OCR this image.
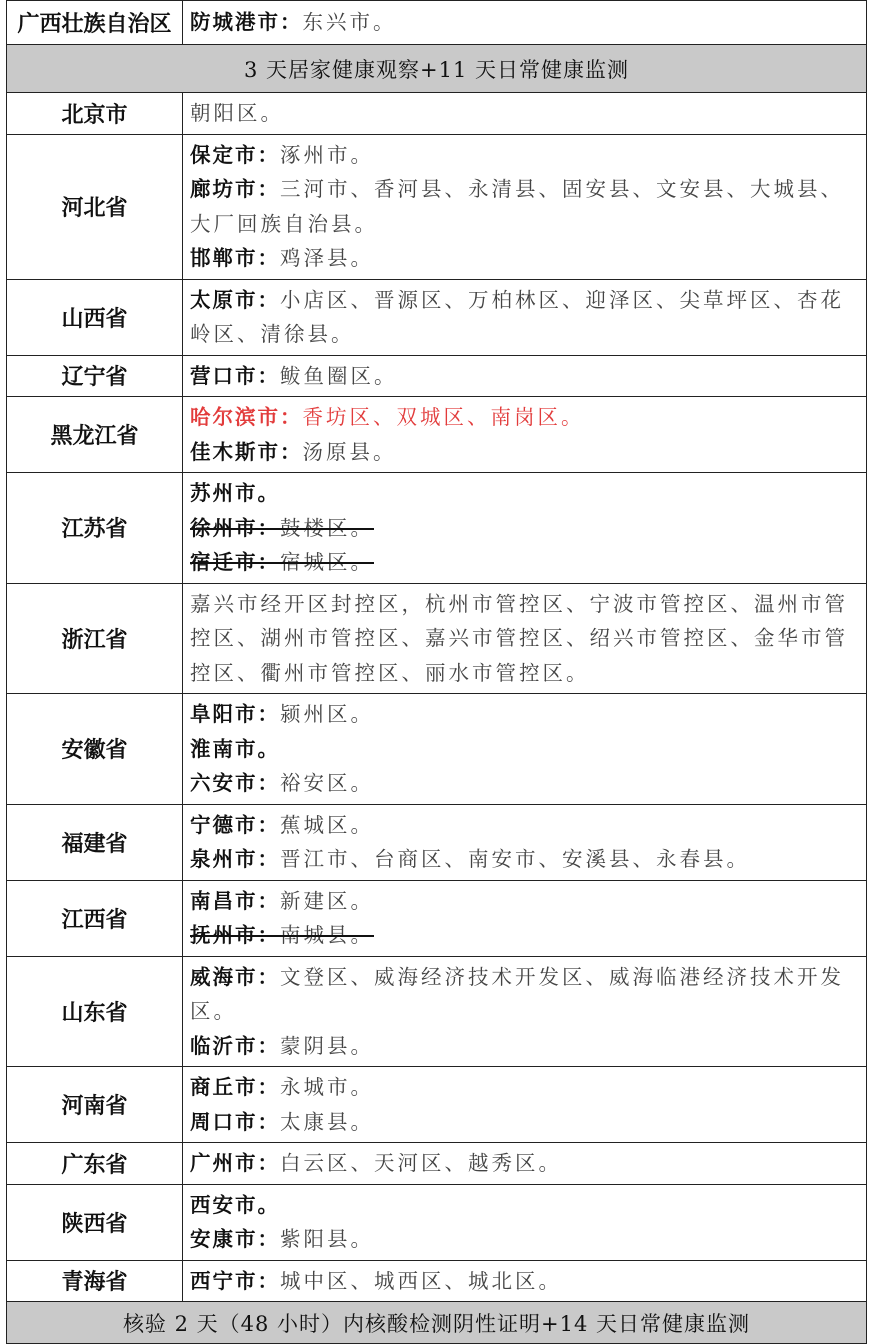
广西壮族自治区	防城港市：东兴市。

3 天居家健康观察+11 天日常健康监测	
北京市	朝阳区。

河北省	保定市：涿州市。
廊坊市：三河市、香河县、永清县、固安县、文安县、大城县、大厂回族自治县。
邯郸市：鸡泽县。

山西省	太原市：小店区、晋源区、万柏林区、迎泽区、尖草坪区、杏花岭区、清徐县。

辽宁省	营口市：鲅鱼圈区。

黑龙江省	哈尔滨市：香坊区、双城区、南岗区。
佳木斯市：汤原县。

江苏省	苏州市。
徐州市：鼓楼区。
宿迁市：宿城区。

浙江省	嘉兴市经开区封控区，杭州市管控区、宁波市管控区、温州市管控区、湖州市管控区、嘉兴市管控区、绍兴市管控区、金华市管控区、衢州市管控区、丽水市管控区。

安徽省	阜阳市：颍州区。
淮南市。
六安市：裕安区。

福建省	宁德市：蕉城区。
泉州市：晋江市、台商区、南安市、安溪县、永春县。

江西省	南昌市：新建区。
抚州市：南城县。

山东省	威海市：文登区、威海经济技术开发区、威海临港经济技术开发区。
临沂市：蒙阴县。

河南省	商丘市：永城市。
周口市：太康县。

广东省	广州市：白云区、天河区、越秀区。

陕西省	西安市。
安康市：紫阳县。

青海省	西宁市：城中区、城西区、城北区。

核验 2 天（48 小时）内核酸检测阴性证明+14 天日常健康监测	
